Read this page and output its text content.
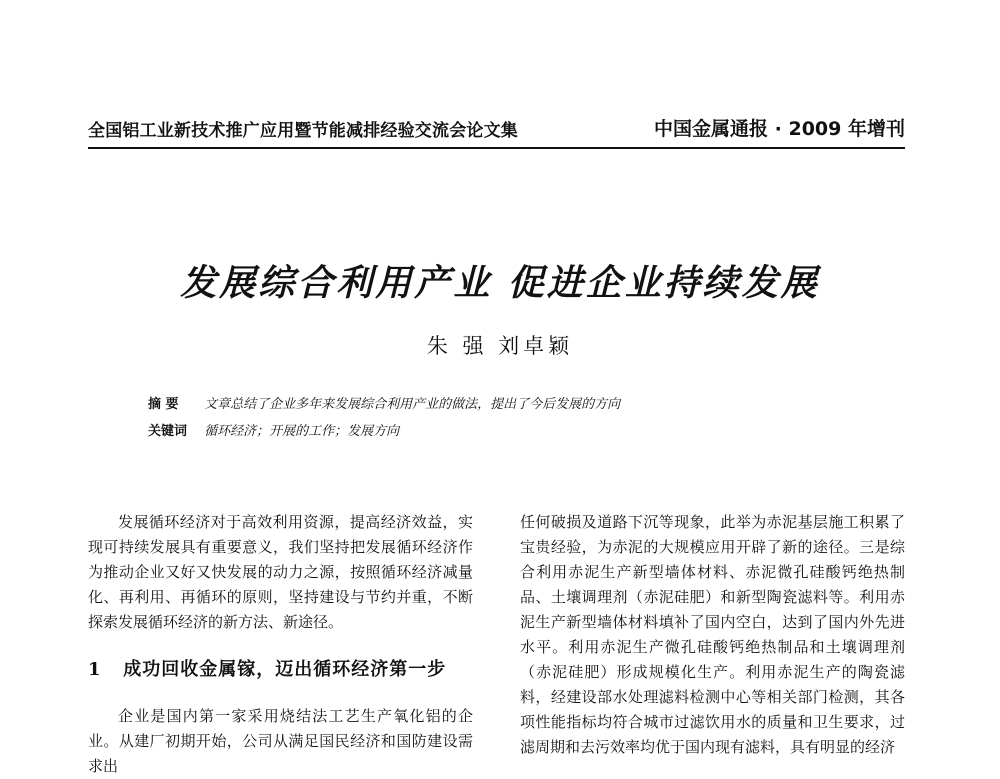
全国铝工业新技术推广应用暨节能减排经验交流会论文集	中国金属通报 · 2009 年增刊
发展综合利用产业 促进企业持续发展
朱 强 刘卓颖
摘 要 文章总结了企业多年来发展综合利用产业的做法，提出了今后发展的方向
关键词 循环经济；开展的工作；发展方向

发展循环经济对于高效利用资源，提高经济效益，实现可持续发展具有重要意义，我们坚持把发展循环经济作为推动企业又好又快发展的动力之源，按照循环经济减量化、再利用、再循环的原则，坚持建设与节约并重，不断探索发展循环经济的新方法、新途径。

1 成功回收金属镓，迈出循环经济第一步

企业是国内第一家采用烧结法工艺生产氧化铝的企业。从建厂初期开始，公司从满足国民经济和国防建设需求出

任何破损及道路下沉等现象，此举为赤泥基层施工积累了宝贵经验，为赤泥的大规模应用开辟了新的途径。三是综合利用赤泥生产新型墙体材料、赤泥微孔硅酸钙绝热制品、土壤调理剂（赤泥硅肥）和新型陶瓷滤料等。利用赤泥生产新型墙体材料填补了国内空白，达到了国内外先进水平。利用赤泥生产微孔硅酸钙绝热制品和土壤调理剂（赤泥硅肥）形成规模化生产。利用赤泥生产的陶瓷滤料，经建设部水处理滤料检测中心等相关部门检测，其各项性能指标均符合城市过滤饮用水的质量和卫生要求，过滤周期和去污效率均优于国内现有滤料，具有明显的经济
